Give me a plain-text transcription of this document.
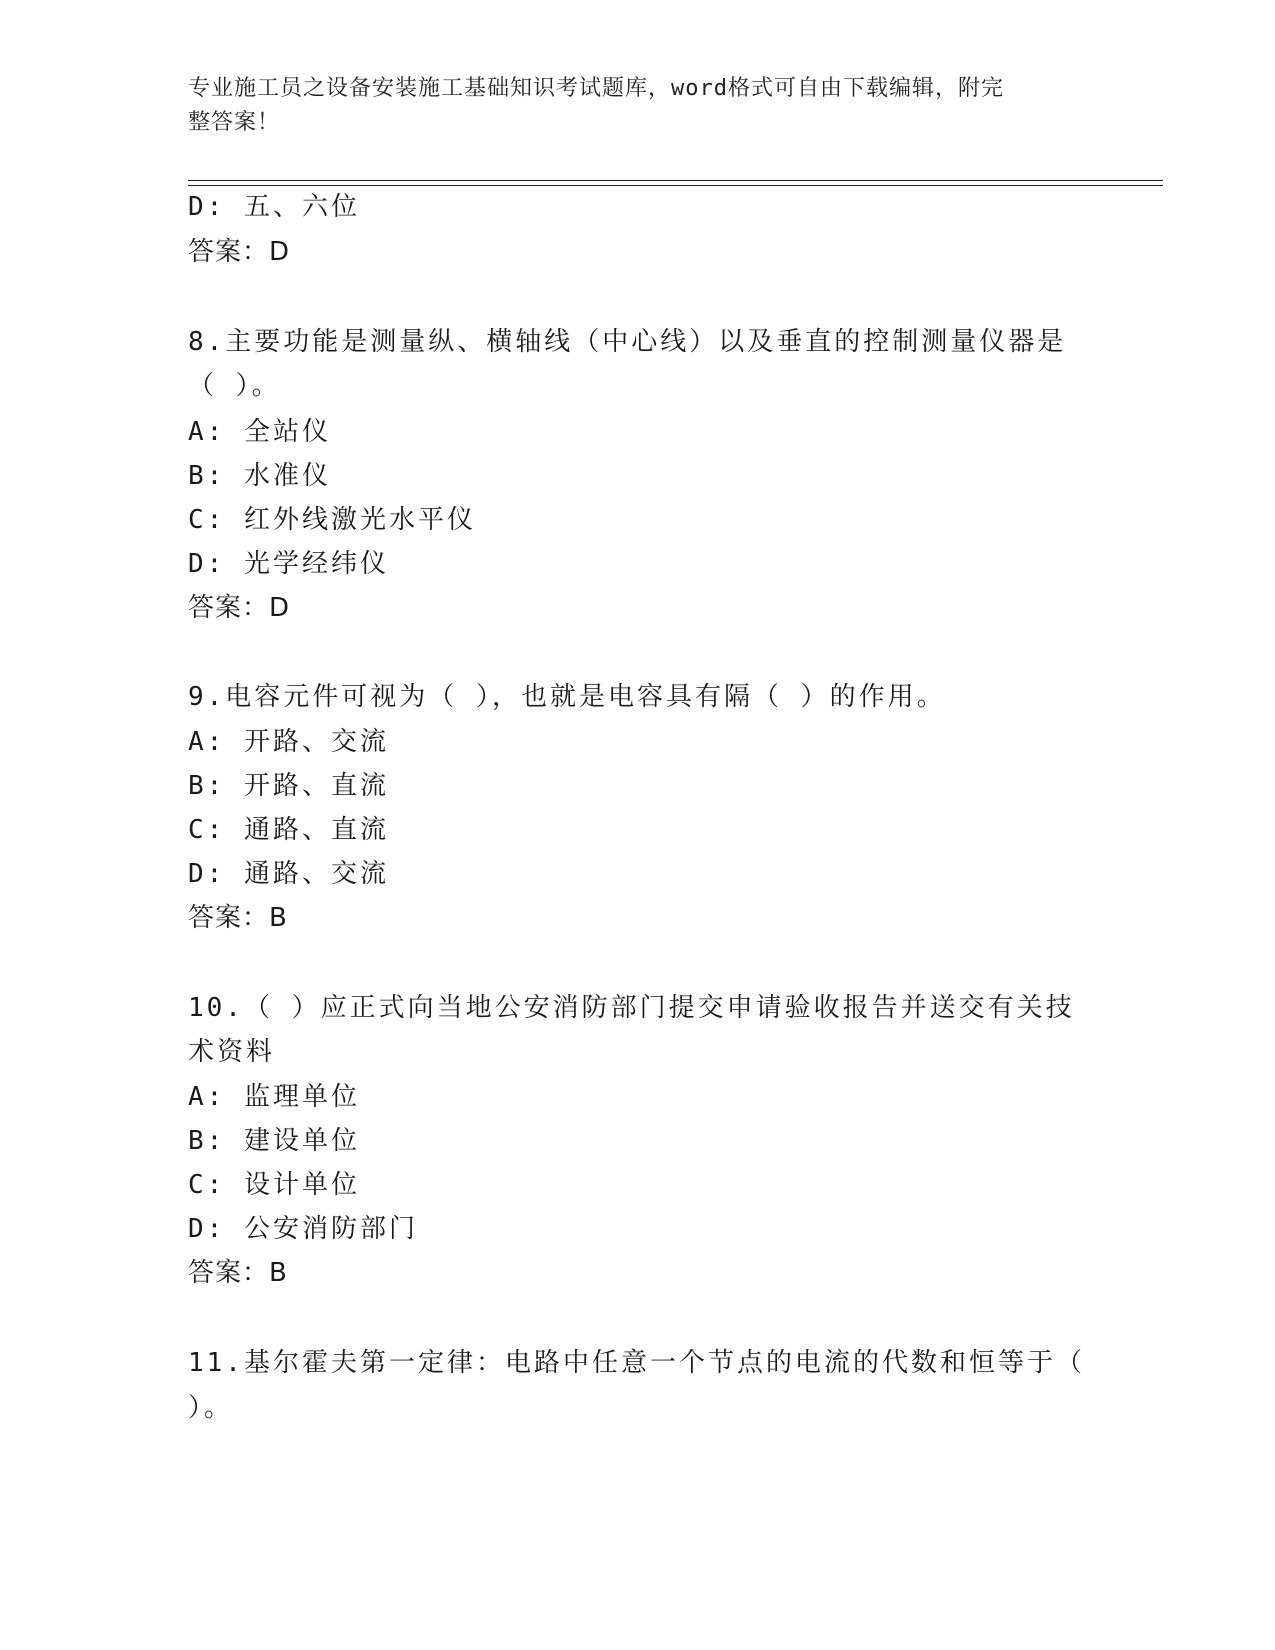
专业施工员之设备安装施工基础知识考试题库，word格式可自由下载编辑，附完
整答案！
D: 五、六位
答案：D
8.主要功能是测量纵、横轴线（中心线）以及垂直的控制测量仪器是
（ ）。
A: 全站仪
B: 水准仪
C: 红外线激光水平仪
D: 光学经纬仪
答案：D
9.电容元件可视为（ ），也就是电容具有隔（ ）的作用。
A: 开路、交流
B: 开路、直流
C: 通路、直流
D: 通路、交流
答案：B
10.（ ）应正式向当地公安消防部门提交申请验收报告并送交有关技
术资料
A: 监理单位
B: 建设单位
C: 设计单位
D: 公安消防部门
答案：B
11.基尔霍夫第一定律：电路中任意一个节点的电流的代数和恒等于（
）。
